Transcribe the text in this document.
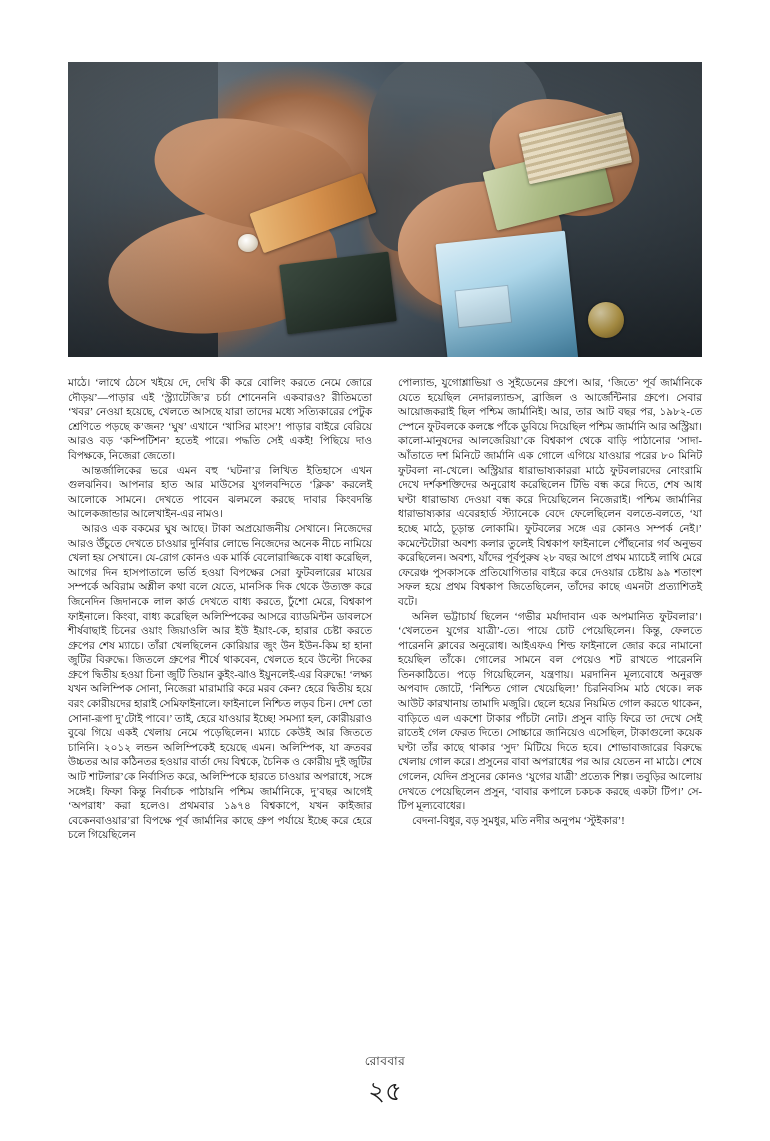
মাঠে। ‘লাথে ঠেসে খইয়ে দে, দেখি কী করে বোলিং করতে নেমে জোরে দৌড়য়’—পাড়ার এই ‘স্ট্র্যাটেজি’র চর্চা শোনেননি একবারও? রীতিমতো ‘খবর’ নেওয়া হয়েছে, খেলতে আসছে যারা তাদের মধ্যে সত্যিকারের পেটুক শ্রেণিতে পড়ছে ক’জন? ‘ঘুষ’ এখানে ‘খাসির মাংস’! পাড়ার বাইরে বেরিয়ে আরও বড় ‘কম্পিটিশন’ হতেই পারে। পদ্ধতি সেই একই! পিছিয়ে দাও বিপক্ষকে, নিজেরা জেতো।

আন্তর্জালিকের ভরে এমন বহু ‘ঘটনা’র লিখিত ইতিহাসে এখন গুলঝনিব। আপনার হাত আর মাউসের যুগলবন্দিতে ‘ক্লিক’ করলেই আলোকে সামনে। দেখতে পাবেন ঝলমলে করছে দাবার কিংবদন্তি আলেকজান্ডার আলেখাইন-এর নামও।

আরও এক বকমের ঘুষ আছে। টাকা অপ্রয়োজনীয় সেখানে। নিজেদের আরও উঁচুতে দেখতে চাওয়ার দুর্নিবার লোভে নিজেদের অনেক নীচে নামিয়ে খেলা হয় সেখানে। যে-রোগ কোনও এক মার্কি বেলোরাজ্জিকে বাধা করেছিল, আগের দিন হাসপাতালে ভর্তি হওয়া বিপক্ষের সেরা ফুটবলারের মায়ের সম্পর্কে অবিরাম অশ্লীল কথা বলে যেতে, মানসিক দিক থেকে উত্যক্ত করে জিনেদিন জিদানকে লাল কার্ড দেখতে বাধ্য করতে, ঢুঁশো মেরে, বিশ্বকাপ ফাইনালে। কিংবা, বাধ্য করেছিল অলিম্পিকের আসরে ব্যাডমিন্টন ডাবলসে শীর্ষবাছাই চিনের ওয়াং জিয়াওলি আর ইউ ইয়াং-কে, হারার চেষ্টা করতে গ্রুপের শেষ ম্যাচে। তাঁরা খেলছিলেন কোরিয়ার জুং উন ইউন-কিম হা হানা জুটির বিরুদ্ধে। জিতলে গ্রুপের শীর্ষে থাকবেন, খেলতে হবে উল্টো দিকের গ্রুপে দ্বিতীয় হওয়া চিনা জুটি তিয়ান কুইং-ঝাও ইয়ুনলেই-এর বিরুদ্ধে! ‘লক্ষ্য যখন অলিম্পিক সোনা, নিজেরা মারামারি করে মরব কেন? হেরে দ্বিতীয় হয়ে বরং কোরীয়দের হারাই সেমিফাইনালে। ফাইনালে নিশ্চিত লড়ব চিন। দেশ তো সোনা-রূপা দু’টোই পাবে।’ তাই, হেরে যাওয়ার ইচ্ছে! সমস্যা হল, কোরীয়রাও বুঝে গিয়ে একই খেলায় নেমে পড়েছিলেন। ম্যাচে কেউই আর জিততে চানিনি। ২০১২ লন্ডন অলিম্পিকেই হয়েছে এমন। অলিম্পিক, যা ক্রতবর উচ্চতর আর কঠিনতর হওয়ার বার্তা দেয় বিশ্বকে, চৈনিক ও কোরীয় দুই জুটির আট শাটলার’কে নির্বাসিত করে, অলিম্পিকে হারতে চাওয়ার অপরাধে, সঙ্গে সঙ্গেই। ফিফা কিন্তু নির্বাচক পাঠায়নি পশ্চিম জার্মানিকে, দু’বছর আগেই ‘অপরাধ’ করা হলেও। প্রথমবার ১৯৭৪ বিশ্বকাপে, যখন কাইজার বেকেনবাওয়ার’রা বিপক্ষে পূর্ব জার্মানির কাছে গ্রুপ পর্যায়ে ইচ্ছে করে হেরে চলে গিয়েছিলেন

পোল্যান্ড, যুগোশ্লাভিয়া ও সুইডেনের গ্রুপে। আর, ‘জিতে’ পূর্ব জার্মানিকে যেতে হয়েছিল নেদারল্যান্ডস, ব্রাজিল ও আর্জেন্টিনার গ্রুপে। সেবার আয়োজকরাই ছিল পশ্চিম জার্মানিই। আর, তার আট বছর পর, ১৯৮২-তে স্পেনে ফুটবলকে কলঙ্কে পাঁকে ডুবিয়ে দিয়েছিল পশ্চিম জার্মানি আর অস্ট্রিয়া। কালো-মানুষদের আলজেরিয়া’কে বিশ্বকাপ থেকে বাড়ি পাঠানোর ‘সাদা-আঁতাতে দশ মিনিটে জার্মানি এক গোলে এগিয়ে যাওয়ার পরের ৮০ মিনিট ফুটবলা না-খেলে। অস্ট্রিয়ার ধারাভাষ্যকাররা মাঠে ফুটবলারদের নোংরামি দেখে দর্শকশক্তিদের অনুরোধ করেছিলেন টিভি বন্ধ করে দিতে, শেষ আধ ঘণ্টা ধারাভাষ্য দেওয়া বন্ধ করে দিয়েছিলেন নিজেরাই। পশ্চিম জার্মানির ধারাভাষ্যকার এবেরহার্ড স্ট্যানেকে বেদে ফেলেছিলেন বলতে-বলতে, ‘যা হচ্ছে মাঠে, চূড়ান্ত লোকামি। ফুটবলের সঙ্গে এর কোনও সম্পর্ক নেই।’ কমেন্টেটোরা অবশ্য কলার তুলেই বিশ্বকাপ ফাইনালে পৌঁছনোর গর্ব অনুভব করেছিলেন। অবশ্য, যাঁদের পূর্বপুরুষ ২৮ বছর আগে প্রথম ম্যাচেই লাথি মেরে ফেরেঞ্চ পুসকাসকে প্রতিযোগিতার বাইরে করে দেওয়ার চেষ্টায় ৯৯ শতাংশ সফল হয়ে প্রথম বিশ্বকাপ জিতেছিলেন, তাঁদের কাছে এমনটা প্রত্যাশিতই বটে।

অনিল ভট্টাচার্য ছিলেন ‘গভীর মর্যাদাবান এক অপমানিত ফুটবলার’। ‘খেলতেন যুগের যাত্রী’-তে। পায়ে চোট পেয়েছিলেন। কিন্তু, ফেলতে পারেননি ক্লাবের অনুরোধ। আইএফএ শিল্ড ফাইনালে জোর করে নামানো হয়েছিল তাঁকে। গোলের সামনে বল পেয়েও শট রাখতে পারেননি তিনকাঠিতে। পড়ে গিয়েছিলেন, যন্ত্রণায়। মরদানিন মূল্যবোধে অনুরক্ত অপবাদ জোটে, ‘নিশ্চিত গোল খেয়েছিল!’ চিরনিবসিম মাঠ থেকে। লক আউট কারখানায় তামাদি মজুরি। ছেলে হয়ের নিয়মিত গোল করতে থাকেন, বাড়িতে এল একশো টাকার পাঁচটা নোট। প্রসুন বাড়ি ফিরে তা দেখে সেই রাতেই গেল ফেরত দিতে। সোচ্চারে জানিয়েও এসেছিল, টাকাগুলো কয়েক ঘণ্টা তাঁর কাছে থাকার ‘সুদ’ মিটিয়ে দিতে হবে। শোভাবাজারের বিরুদ্ধে খেলায় গোল করে। প্রসুনের বাবা অপরাধের পর আর যেতেন না মাঠে। শেষে গেলেন, যেদিন প্রসুনের কোনও ‘যুগের যাত্রী’ প্রত্যেক শিল্প। তবুড়ির আলোয় দেখতে পেয়েছিলেন প্রসুন, ‘বাবার কপালে চকচক করছে একটা টিপ।’ সে-টিপ মূল্যবোধের।

বেদনা-বিধুর, বড় সুমধুর, মতি নদীর অনুপম ‘স্টুইকার’!

রোববার
২৫
